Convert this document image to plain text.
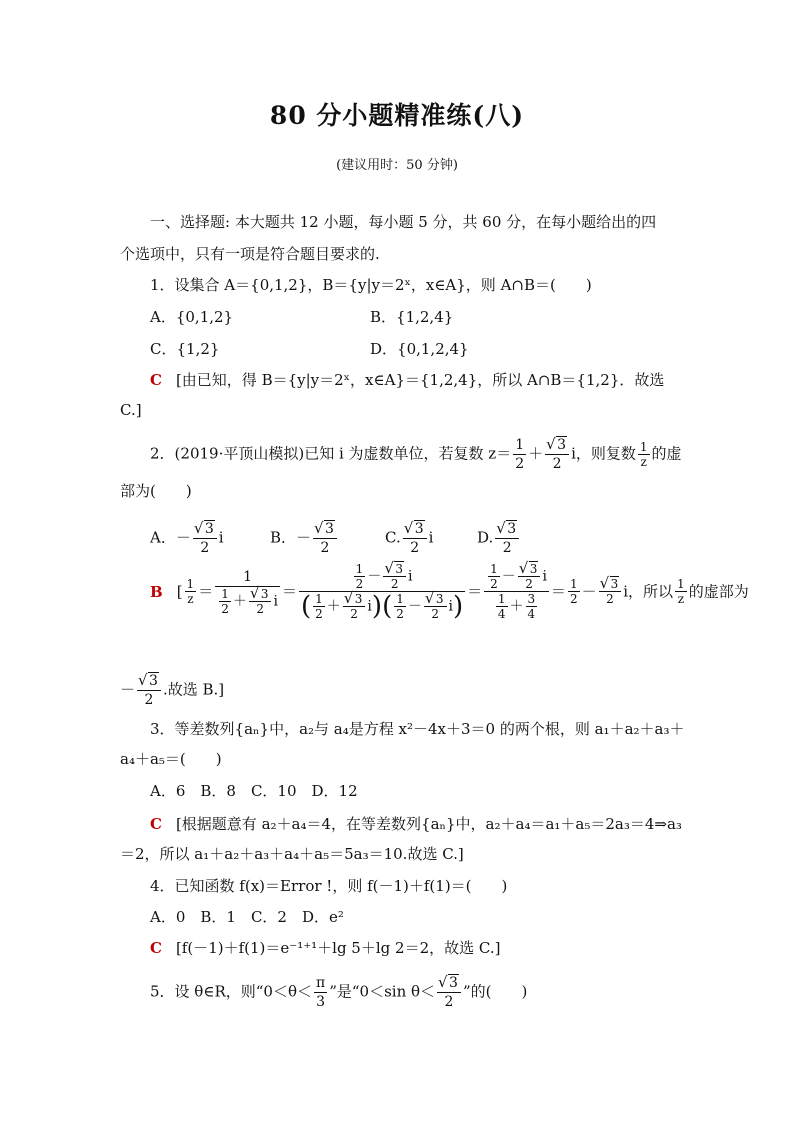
80 分小题精准练(八)
(建议用时：50 分钟)
一、选择题: 本大题共 12 小题，每小题 5 分，共 60 分，在每小题给出的四
个选项中，只有一项是符合题目要求的.
1．设集合 A＝{0,1,2}，B＝{y|y＝2ˣ，x∈A}，则 A∩B＝(　　)
A．{0,1,2}	B．{1,2,4}
C．{1,2}	D．{0,1,2,4}
C [由已知，得 B＝{y|y＝2ˣ，x∈A}＝{1,2,4}，所以 A∩B＝{1,2}．故选
C.]
2．(2019·平顶山模拟)已知 i 为虚数单位，若复数 $z= \frac{1}{2}$ ＋
√ $\frac{3}{2}$ i，则复数 $\frac{1}{z}$ 的虚
部为(　　)
A．－
√ $\frac{3}{2}$ i	B．－
√ $\frac{3}{2}$	C.
√ $\frac{3}{2}$ i	D.
√ $\frac{3}{2}$
B [ $\frac{1}{z} = 1$
$\frac{1}{2}$ ＋
√ $\frac{3}{2}$ $i = \frac{1}{2}$ －
√ $\frac{3}{2}$ i
( $\frac{1}{2}$ ＋
√ $\frac{3}{2} i)( \frac{1}{2}$ －
√ $\frac{3}{2} i) = \frac{1}{2}$ －
√ $\frac{3}{2}$ i
$\frac{1}{4} + \frac{3}{4} = \frac{1}{2}$ －
√ $\frac{3}{2}$ i，所以 $\frac{1}{z}$ 的虚部为
－
√ $\frac{3}{2}$ .故选 B.]
3．等差数列{aₙ}中，a₂与 a₄是方程 x²－4x＋3＝0 的两个根，则 a₁＋a₂＋a₃＋
a₄＋a₅＝(　　)
A．6　B．8　C．10　D．12
C [根据题意有 a₂＋a₄＝4，在等差数列{aₙ}中，a₂＋a₄＝a₁＋a₅＝2a₃＝4⇒a₃
＝2，所以 a₁＋a₂＋a₃＋a₄＋a₅＝5a₃＝10.故选 C.]
4．已知函数 f(x)＝Error !，则 f(－1)＋f(1)＝(　　)
A．0　B．1　C．2　D．e²
C [f(－1)＋f(1)＝e⁻¹⁺¹＋lg 5＋lg 2＝2，故选 C.]
5．设 θ∈R，则“$0<\theta< \frac{\pi}{3}$ ”是“0＜sin θ＜
√ $\frac{3}{2}$ ”的(　　)
